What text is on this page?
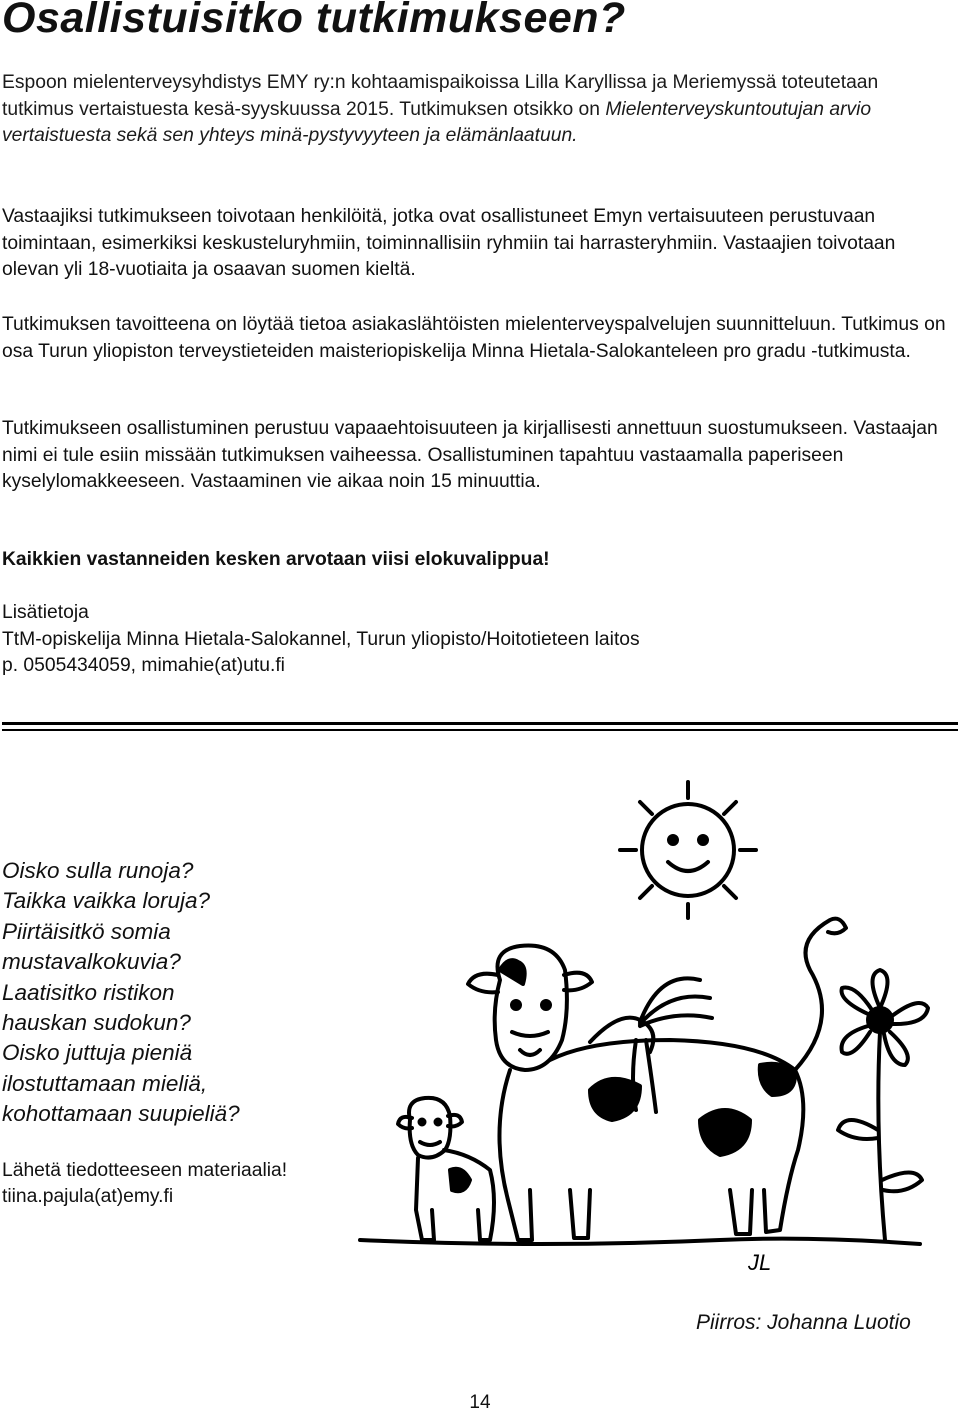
Osallistuisitko tutkimukseen?

Espoon mielenterveysyhdistys EMY ry:n kohtaamispaikoissa Lilla Karyllissa ja Meriemyssä toteutetaan tutkimus vertaistuesta kesä-syyskuussa 2015. Tutkimuksen otsikko on Mielenterveyskuntoutujan arvio vertaistuesta sekä sen yhteys minä-pystyvyyteen ja elämänlaatuun.

Vastaajiksi tutkimukseen toivotaan henkilöitä, jotka ovat osallistuneet Emyn vertaisuuteen perustuvaan toimintaan, esimerkiksi keskusteluryhmiin, toiminnallisiin ryhmiin tai harrasteryhmiin. Vastaajien toivotaan olevan yli 18-vuotiaita ja osaavan suomen kieltä.

Tutkimuksen tavoitteena on löytää tietoa asiakaslähtöisten mielenterveyspalvelujen suunnitteluun. Tutkimus on osa Turun yliopiston terveystieteiden maisteriopiskelija Minna Hietala-Salokanteleen pro gradu -tutkimusta.

Tutkimukseen osallistuminen perustuu vapaaehtoisuuteen ja kirjallisesti annettuun suostumukseen. Vastaajan nimi ei tule esiin missään tutkimuksen vaiheessa. Osallistuminen tapahtuu vastaamalla paperiseen kyselylomakkeeseen. Vastaaminen vie aikaa noin 15 minuuttia.

Kaikkien vastanneiden kesken arvotaan viisi elokuvalippua!

Lisätietoja
TtM-opiskelija Minna Hietala-Salokannel, Turun yliopisto/Hoitotieteen laitos
p. 0505434059, mimahie(at)utu.fi
Oisko sulla runoja?
Taikka vaikka loruja?
Piirtäisitkö somia
mustavalkokuvia?
Laatisitko ristikon
hauskan sudokun?
Oisko juttuja pieniä
ilostuttamaan mieliä,
kohottamaan suupieliä?
Lähetä tiedotteeseen materiaalia!
tiina.pajula(at)emy.fi
JL
Piirros: Johanna Luotio
14
